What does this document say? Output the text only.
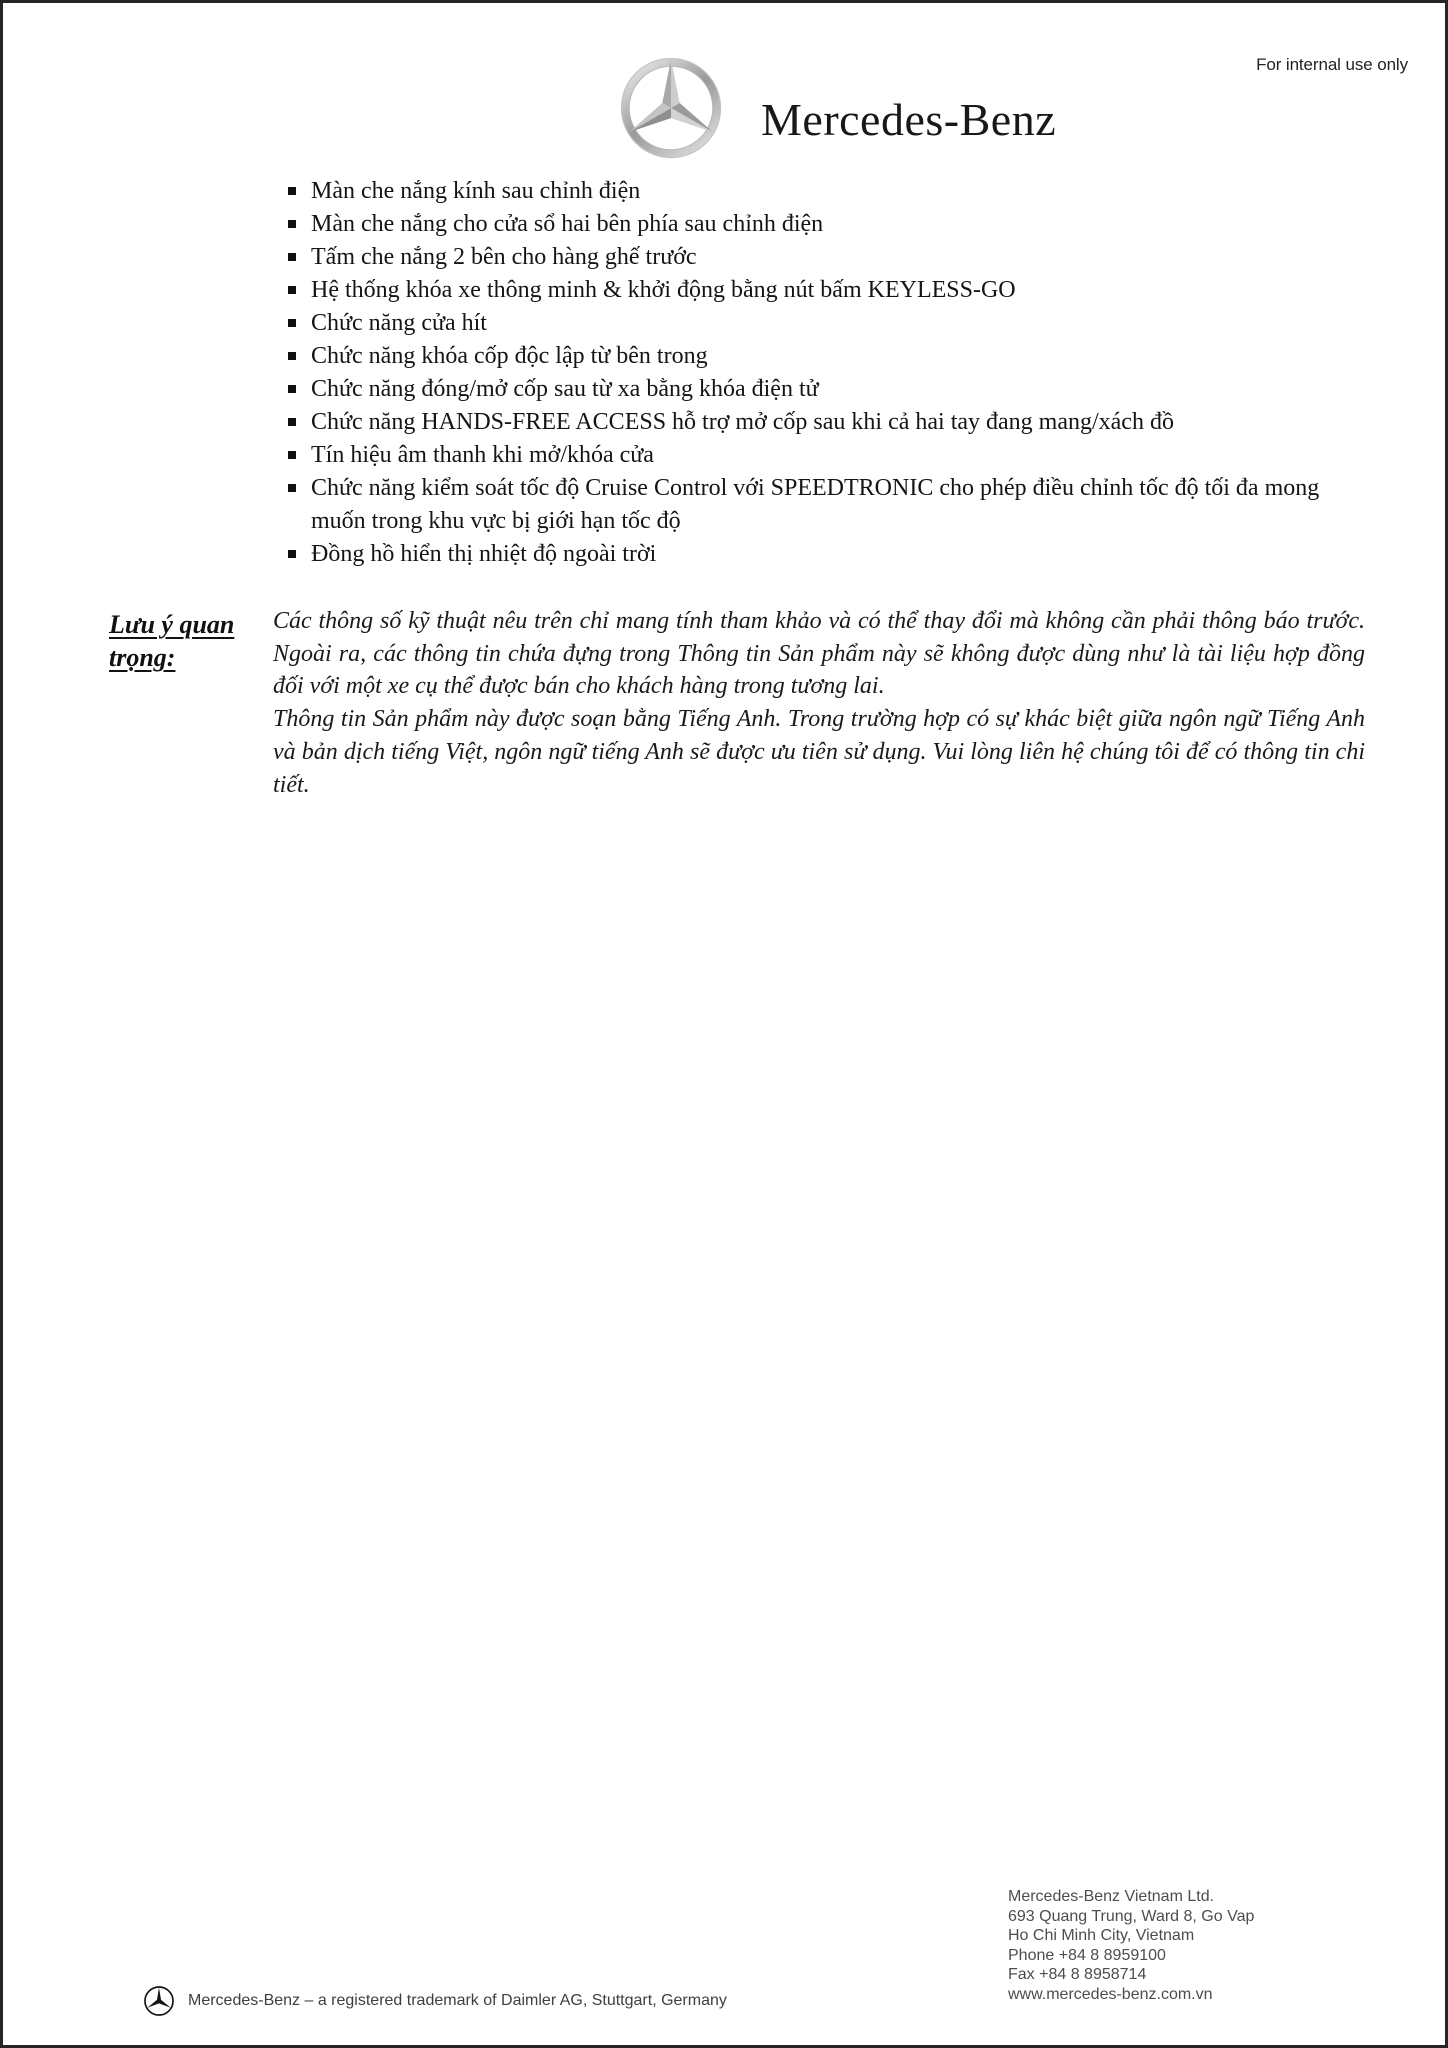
For internal use only
Mercedes-Benz
Màn che nắng kính sau chỉnh điện
Màn che nắng cho cửa sổ hai bên phía sau chỉnh điện
Tấm che nắng 2 bên cho hàng ghế trước
Hệ thống khóa xe thông minh & khởi động bằng nút bấm KEYLESS-GO
Chức năng cửa hít
Chức năng khóa cốp độc lập từ bên trong
Chức năng đóng/mở cốp sau từ xa bằng khóa điện tử
Chức năng HANDS-FREE ACCESS hỗ trợ mở cốp sau khi cả hai tay đang mang/xách đồ
Tín hiệu âm thanh khi mở/khóa cửa
Chức năng kiểm soát tốc độ Cruise Control với SPEEDTRONIC cho phép điều chỉnh tốc độ tối đa mong muốn trong khu vực bị giới hạn tốc độ
Đồng hồ hiển thị nhiệt độ ngoài trời
Lưu ý quan trọng:

Các thông số kỹ thuật nêu trên chỉ mang tính tham khảo và có thể thay đổi mà không cần phải thông báo trước. Ngoài ra, các thông tin chứa đựng trong Thông tin Sản phẩm này sẽ không được dùng như là tài liệu hợp đồng đối với một xe cụ thể được bán cho khách hàng trong tương lai.

Thông tin Sản phẩm này được soạn bằng Tiếng Anh. Trong trường hợp có sự khác biệt giữa ngôn ngữ Tiếng Anh và bản dịch tiếng Việt, ngôn ngữ tiếng Anh sẽ được ưu tiên sử dụng. Vui lòng liên hệ chúng tôi để có thông tin chi tiết.

Mercedes-Benz Vietnam Ltd.
693 Quang Trung, Ward 8, Go Vap
Ho Chi Minh City, Vietnam
Phone +84 8 8959100
Fax +84 8 8958714
www.mercedes-benz.com.vn
Mercedes-Benz – a registered trademark of Daimler AG, Stuttgart, Germany
